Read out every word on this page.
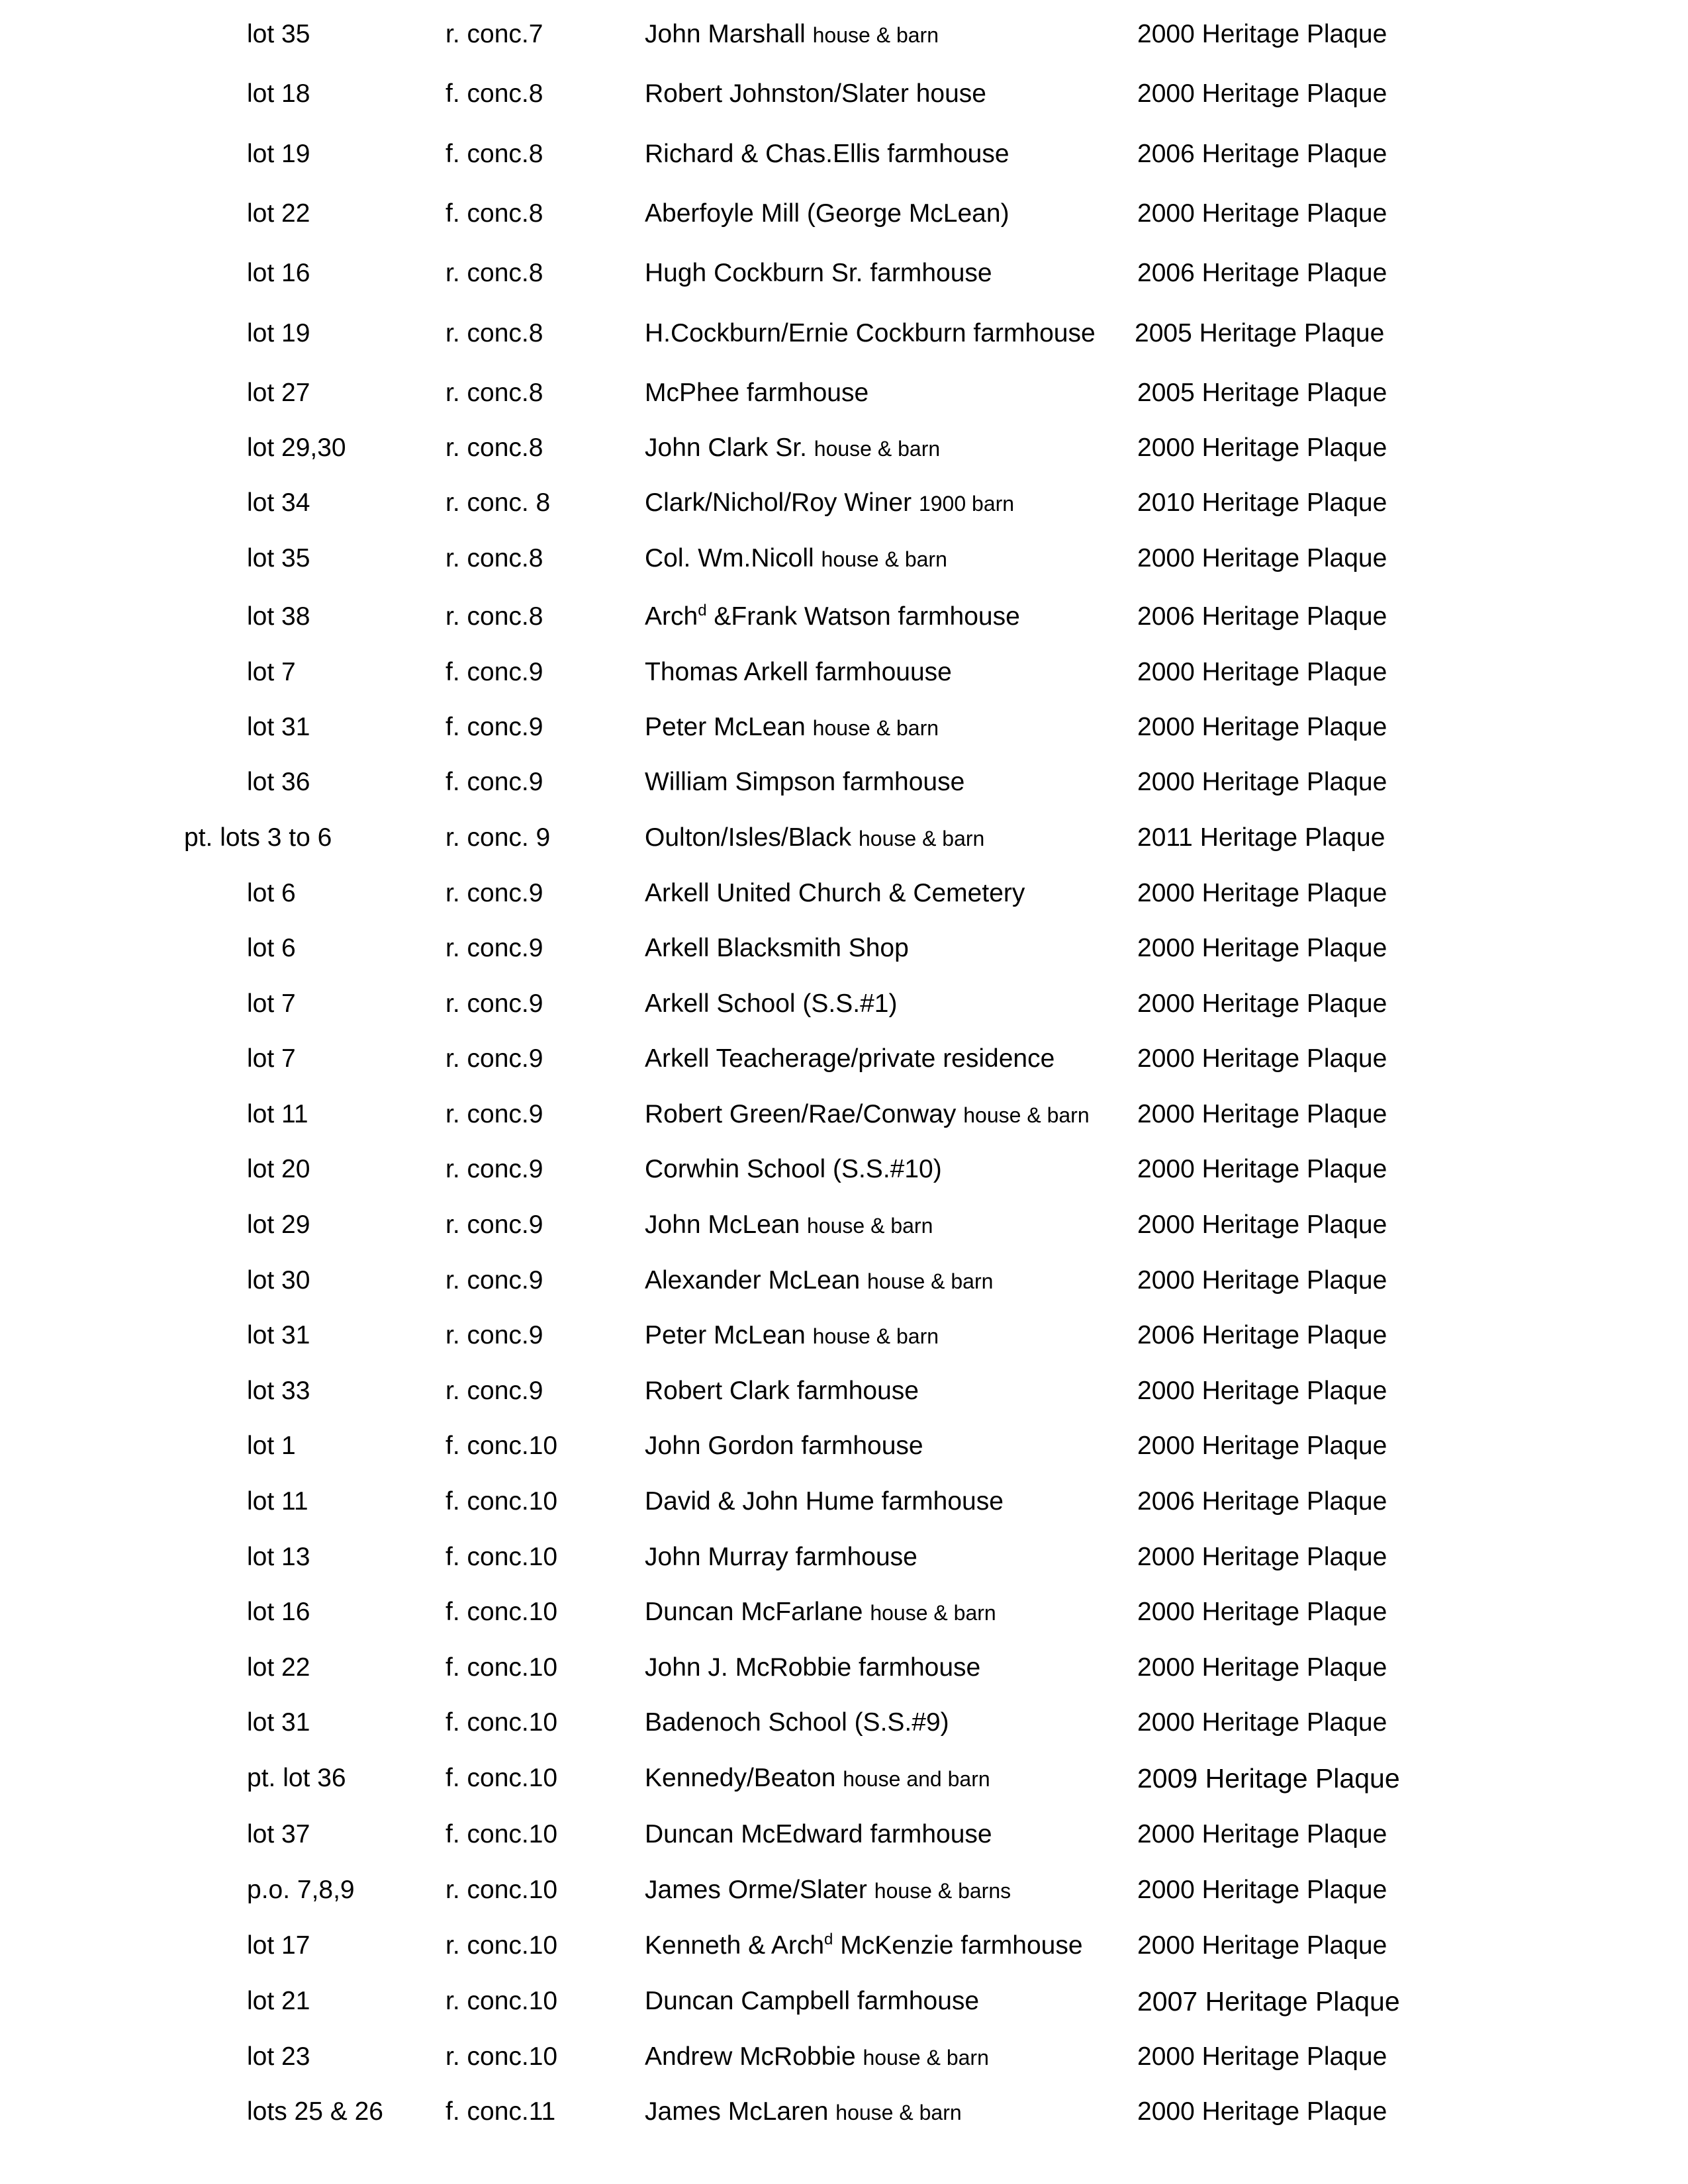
lot 35	r. conc.7	John Marshall house & barn	2000 Heritage Plaque
lot 18	f. conc.8	Robert Johnston/Slater house	2000 Heritage Plaque
lot 19	f. conc.8	Richard & Chas.Ellis farmhouse	2006 Heritage Plaque
lot 22	f. conc.8	Aberfoyle Mill (George McLean)	2000 Heritage Plaque
lot 16	r. conc.8	Hugh Cockburn Sr. farmhouse	2006 Heritage Plaque
lot 19	r. conc.8	H.Cockburn/Ernie Cockburn farmhouse 2005 Heritage Plaque
lot 27	r. conc.8	McPhee farmhouse	2005 Heritage Plaque
lot 29,30	r. conc.8	John Clark Sr. house & barn	2000 Heritage Plaque
lot 34	r. conc. 8	Clark/Nichol/Roy Winer 1900 barn	2010 Heritage Plaque
lot 35	r. conc.8	Col. Wm.Nicoll house & barn	2000 Heritage Plaque
lot 38	r. conc.8	Arch$^d$ &Frank Watson farmhouse	2006 Heritage Plaque
lot 7	f. conc.9	Thomas Arkell farmhouuse	2000 Heritage Plaque
lot 31	f. conc.9	Peter McLean house & barn	2000 Heritage Plaque
lot 36	f. conc.9	William Simpson farmhouse	2000 Heritage Plaque
pt. lots 3 to 6	r. conc. 9	Oulton/Isles/Black house & barn	2011 Heritage Plaque
lot 6	r. conc.9	Arkell United Church & Cemetery	2000 Heritage Plaque
lot 6	r. conc.9	Arkell Blacksmith Shop	2000 Heritage Plaque
lot 7	r. conc.9	Arkell School (S.S.#1)	2000 Heritage Plaque
lot 7	r. conc.9	Arkell Teacherage/private residence	2000 Heritage Plaque
lot 11	r. conc.9	Robert Green/Rae/Conway house & barn 2000 Heritage Plaque
lot 20	r. conc.9	Corwhin School (S.S.#10)	2000 Heritage Plaque
lot 29	r. conc.9	John McLean house & barn	2000 Heritage Plaque
lot 30	r. conc.9	Alexander McLean house & barn	2000 Heritage Plaque
lot 31	r. conc.9	Peter McLean house & barn	2006 Heritage Plaque
lot 33	r. conc.9	Robert Clark farmhouse	2000 Heritage Plaque
lot 1	f. conc.10	John Gordon farmhouse	2000 Heritage Plaque
lot 11	f. conc.10	David & John Hume farmhouse	2006 Heritage Plaque
lot 13	f. conc.10	John Murray farmhouse	2000 Heritage Plaque
lot 16	f. conc.10	Duncan McFarlane house & barn	2000 Heritage Plaque
lot 22	f. conc.10	John J. McRobbie farmhouse	2000 Heritage Plaque
lot 31	f. conc.10	Badenoch School (S.S.#9)	2000 Heritage Plaque
pt. lot 36	f. conc.10	Kennedy/Beaton house and barn	2009 Heritage Plaque
lot 37	f. conc.10	Duncan McEdward farmhouse	2000 Heritage Plaque
p.o. 7,8,9	r. conc.10	James Orme/Slater house & barns	2000 Heritage Plaque
lot 17	r. conc.10	Kenneth & Arch$^d$ McKenzie farmhouse 2000 Heritage Plaque
lot 21	r. conc.10	Duncan Campbell farmhouse	2007 Heritage Plaque
lot 23	r. conc.10	Andrew McRobbie house & barn	2000 Heritage Plaque
lots 25 & 26 f. conc.11	James McLaren house & barn	2000 Heritage Plaque
